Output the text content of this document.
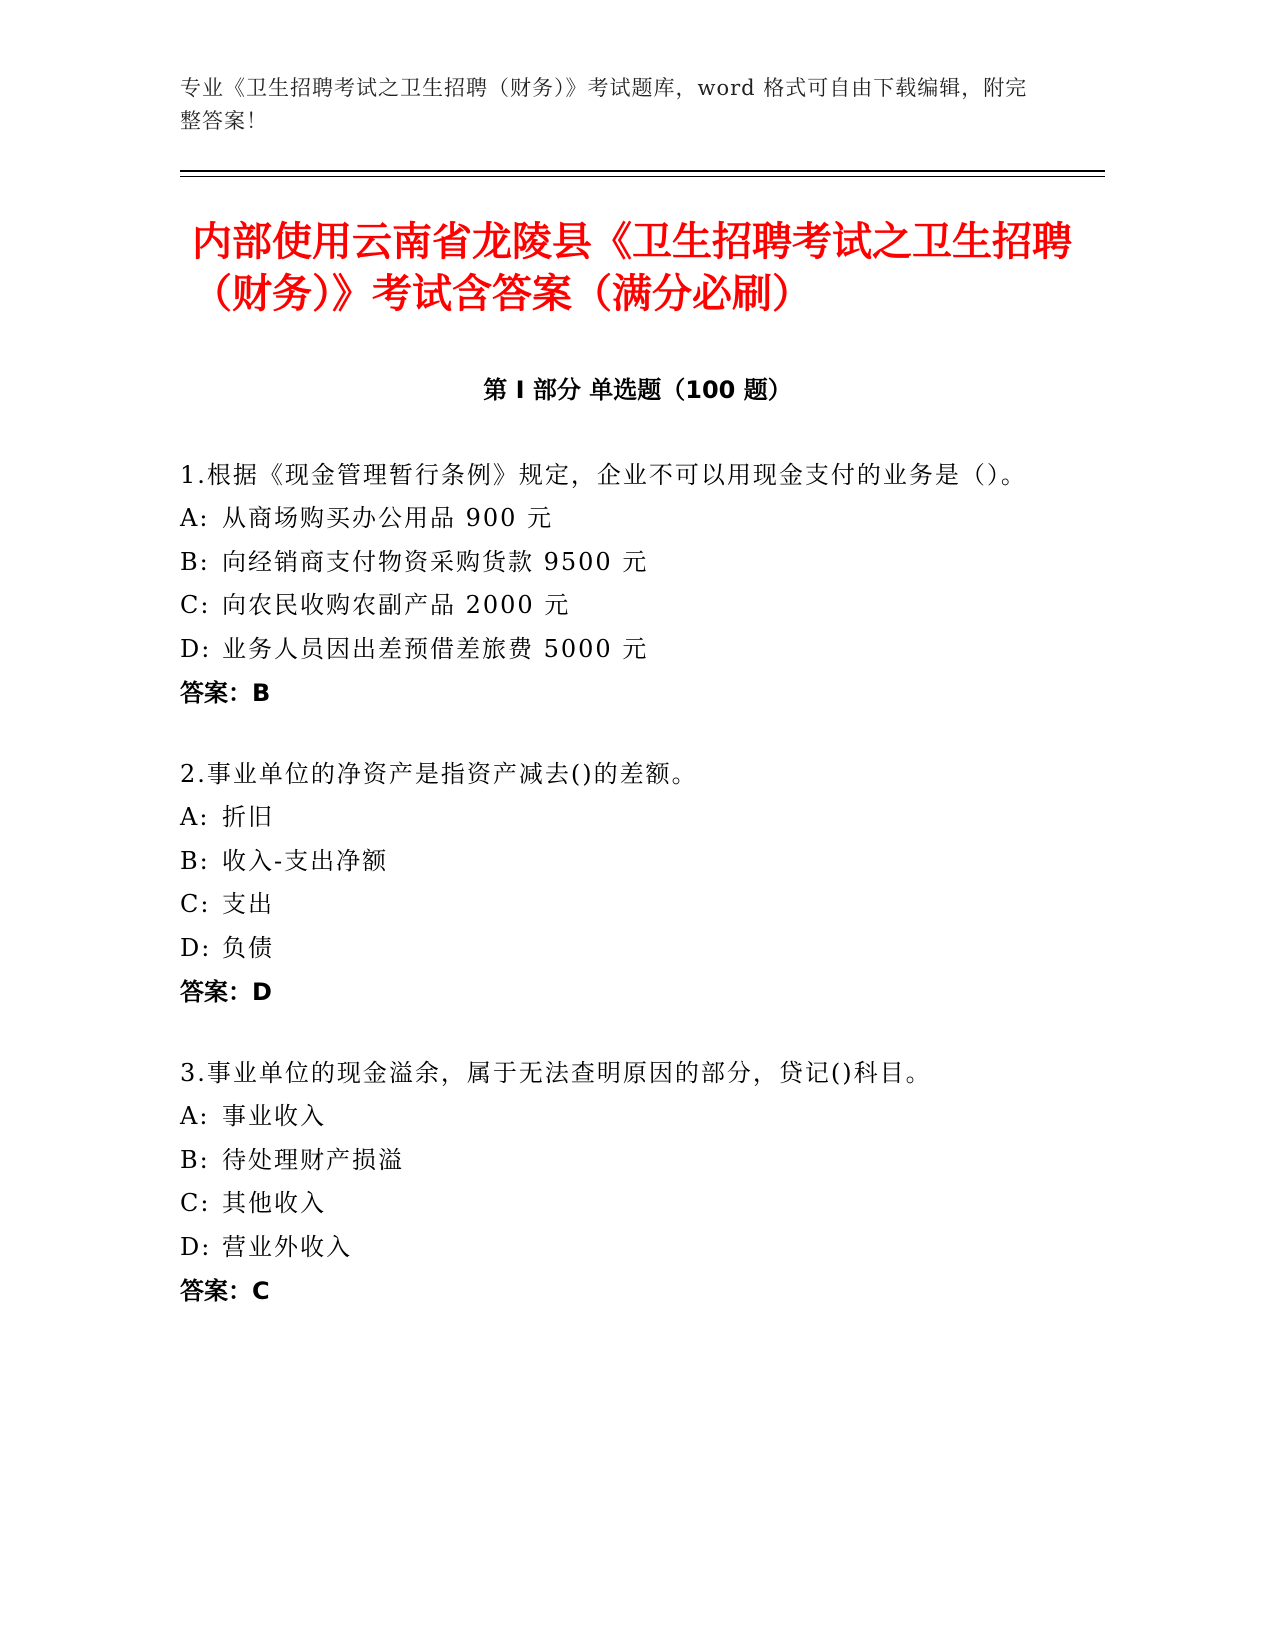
专业《卫生招聘考试之卫生招聘（财务）》考试题库，word 格式可自由下载编辑，附完整答案！
内部使用云南省龙陵县《卫生招聘考试之卫生招聘（财务）》考试含答案（满分必刷）
第 I 部分 单选题（100 题）

1.根据《现金管理暂行条例》规定，企业不可以用现金支付的业务是（）。

A: 从商场购买办公用品 900 元

B: 向经销商支付物资采购货款 9500 元

C: 向农民收购农副产品 2000 元

D: 业务人员因出差预借差旅费 5000 元

答案：B

2.事业单位的净资产是指资产减去()的差额。

A: 折旧

B: 收入-支出净额

C: 支出

D: 负债

答案：D

3.事业单位的现金溢余，属于无法查明原因的部分，贷记()科目。

A: 事业收入

B: 待处理财产损溢

C: 其他收入

D: 营业外收入

答案：C
